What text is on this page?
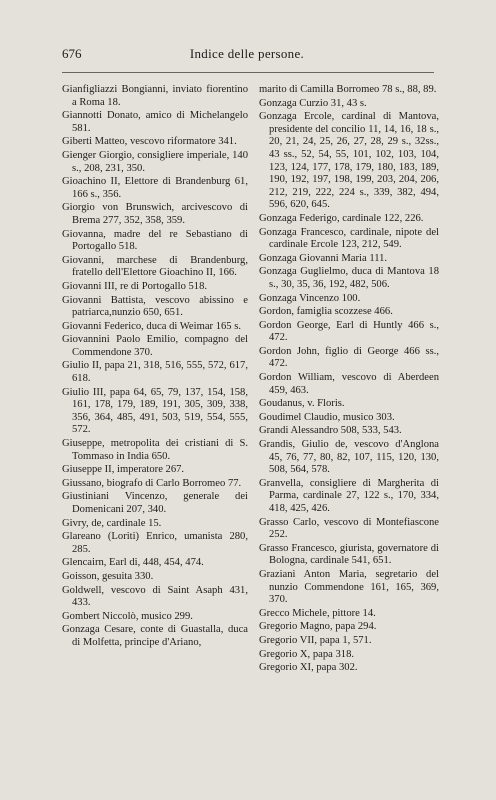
676	Indice delle persone.
Gianfigliazzi Bongianni, inviato fiorentino a Roma 18.
Giannotti Donato, amico di Michelangelo 581.
Giberti Matteo, vescovo riformatore 341.
Gienger Giorgio, consigliere imperiale, 140 s., 208, 231, 350.
Gioachino II, Elettore di Brandenburg 61, 166 s., 356.
Giorgio von Brunswich, arcivescovo di Brema 277, 352, 358, 359.
Giovanna, madre del re Sebastiano di Portogallo 518.
Giovanni, marchese di Brandenburg, fratello dell'Elettore Gioachino II, 166.
Giovanni III, re di Portogallo 518.
Giovanni Battista, vescovo abissino e patriarca,nunzio 650, 651.
Giovanni Federico, duca di Weimar 165 s.
Giovannini Paolo Emilio, compagno del Commendone 370.
Giulio II, papa 21, 318, 516, 555, 572, 617, 618.
Giulio III, papa 64, 65, 79, 137, 154, 158, 161, 178, 179, 189, 191, 305, 309, 338, 356, 364, 485, 491, 503, 519, 554, 555, 572.
Giuseppe, metropolita dei cristiani di S. Tommaso in India 650.
Giuseppe II, imperatore 267.
Giussano, biografo di Carlo Borromeo 77.
Giustiniani Vincenzo, generale dei Domenicani 207, 340.
Givry, de, cardinale 15.
Glareano (Loriti) Enrico, umanista 280, 285.
Glencairn, Earl di, 448, 454, 474.
Goisson, gesuita 330.
Goldwell, vescovo di Saint Asaph 431, 433.
Gombert Niccolò, musico 299.
Gonzaga Cesare, conte di Guastalla, duca di Molfetta, principe d'Ariano,
marito di Camilla Borromeo 78 s., 88, 89.
Gonzaga Curzio 31, 43 s.
Gonzaga Ercole, cardinal di Mantova, presidente del concilio 11, 14, 16, 18 s., 20, 21, 24, 25, 26, 27, 28, 29 s., 32ss., 43 ss., 52, 54, 55, 101, 102, 103, 104, 123, 124, 177, 178, 179, 180, 183, 189, 190, 192, 197, 198, 199, 203, 204, 206, 212, 219, 222, 224 s., 339, 382, 494, 596, 620, 645.
Gonzaga Federigo, cardinale 122, 226.
Gonzaga Francesco, cardinale, nipote del cardinale Ercole 123, 212, 549.
Gonzaga Giovanni Maria 111.
Gonzaga Guglielmo, duca di Mantova 18 s., 30, 35, 36, 192, 482, 506.
Gonzaga Vincenzo 100.
Gordon, famiglia scozzese 466.
Gordon George, Earl di Huntly 466 s., 472.
Gordon John, figlio di George 466 ss., 472.
Gordon William, vescovo di Aberdeen 459, 463.
Goudanus, v. Floris.
Goudimel Claudio, musico 303.
Grandi Alessandro 508, 533, 543.
Grandis, Giulio de, vescovo d'Anglona 45, 76, 77, 80, 82, 107, 115, 120, 130, 508, 564, 578.
Granvella, consigliere di Margherita di Parma, cardinale 27, 122 s., 170, 334, 418, 425, 426.
Grasso Carlo, vescovo di Montefiascone 252.
Grasso Francesco, giurista, governatore di Bologna, cardinale 541, 651.
Graziani Anton Maria, segretario del nunzio Commendone 161, 165, 369, 370.
Grecco Michele, pittore 14.
Gregorio Magno, papa 294.
Gregorio VII, papa 1, 571.
Gregorio X, papa 318.
Gregorio XI, papa 302.
